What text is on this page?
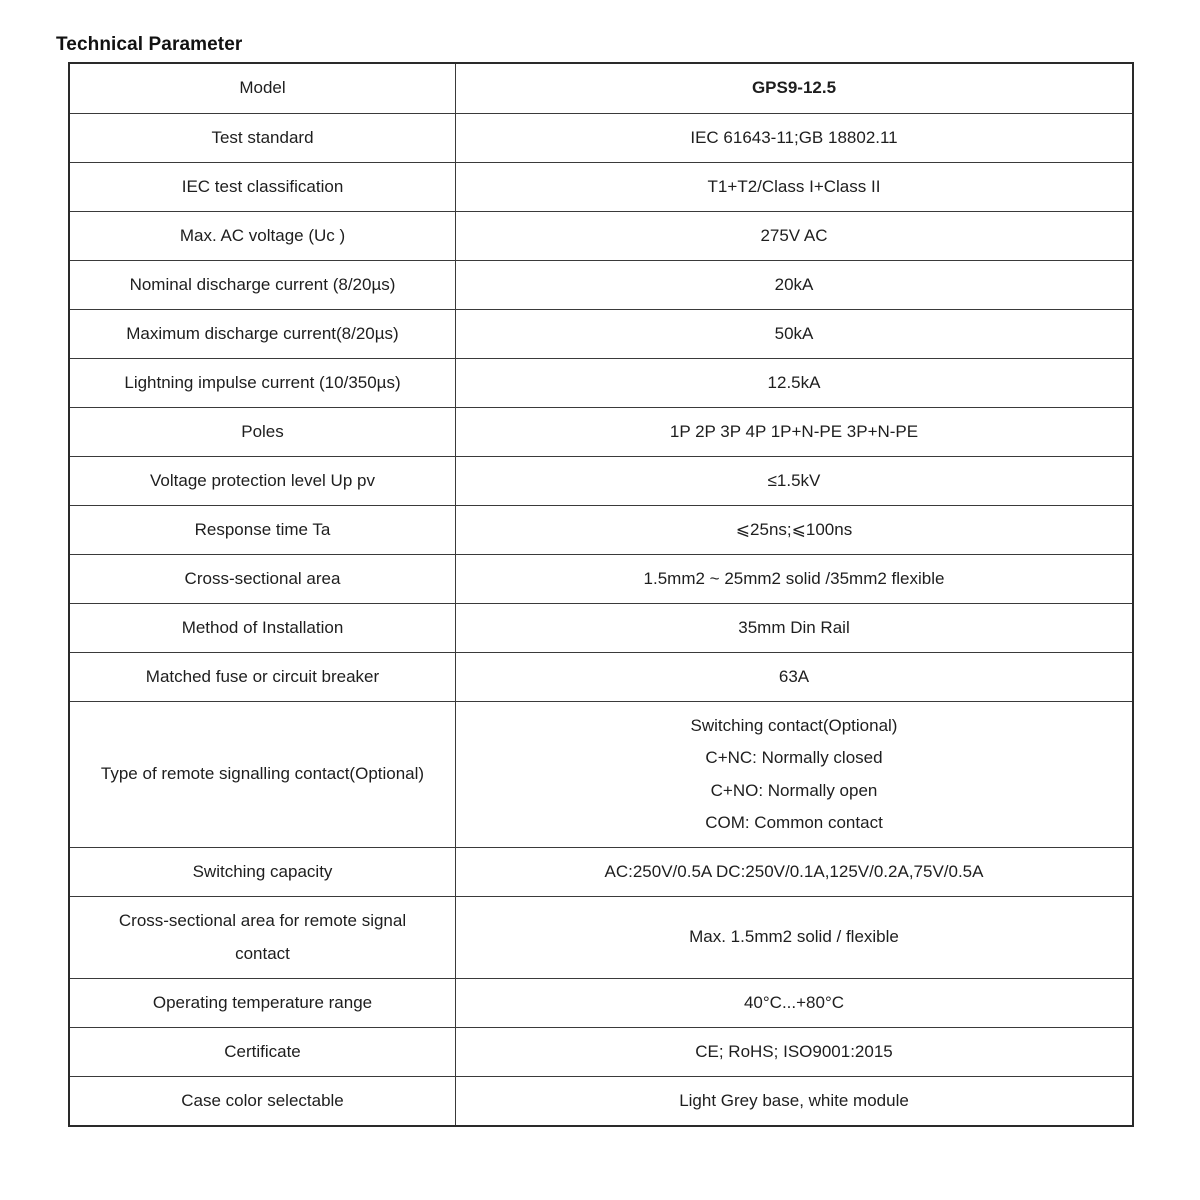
Technical Parameter
Model	GPS9-12.5
Test standard	IEC 61643-11;GB 18802.11
IEC test classification	T1+T2/Class I+Class II
Max. AC voltage (Uc )	275V AC
Nominal discharge current (8/20µs)	20kA
Maximum discharge current(8/20µs)	50kA
Lightning impulse current (10/350µs)	12.5kA
Poles	1P 2P 3P 4P 1P+N-PE 3P+N-PE
Voltage protection level Up pv	≤1.5kV
Response time Ta	⩽25ns;⩽100ns
Cross-sectional area	1.5mm2 ~ 25mm2 solid /35mm2 flexible
Method of Installation	35mm Din Rail
Matched fuse or circuit breaker	63A
Type of remote signalling contact(Optional)	Switching contact(Optional)
C+NC: Normally closed
C+NO: Normally open
COM: Common contact

Switching capacity	AC:250V/0.5A DC:250V/0.1A,125V/0.2A,75V/0.5A

Cross-sectional area for remote signal
contact	Max. 1.5mm2 solid / flexible
Operating temperature range	40°C...+80°C
Certificate	CE; RoHS; ISO9001:2015
Case color selectable	Light Grey base, white module
